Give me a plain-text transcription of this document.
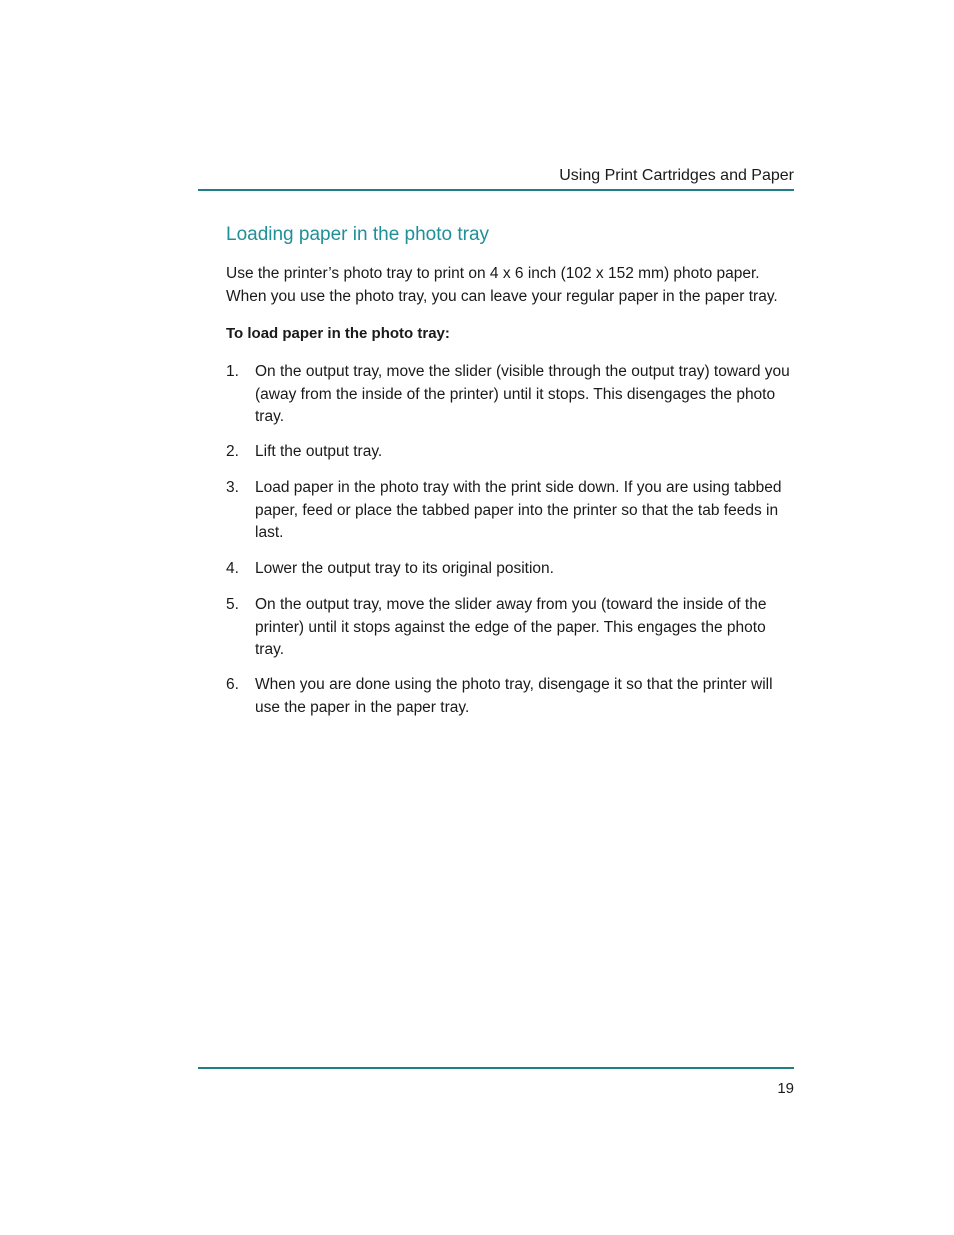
Using Print Cartridges and Paper
Loading paper in the photo tray

Use the printer’s photo tray to print on 4 x 6 inch (102 x 152 mm) photo paper. When you use the photo tray, you can leave your regular paper in the paper tray.

To load paper in the photo tray:

1.	On the output tray, move the slider (visible through the output tray) toward you (away from the inside of the printer) until it stops. This disengages the photo tray.
2.	Lift the output tray.
3.	Load paper in the photo tray with the print side down. If you are using tabbed paper, feed or place the tabbed paper into the printer so that the tab feeds in last.
4.	Lower the output tray to its original position.
5.	On the output tray, move the slider away from you (toward the inside of the printer) until it stops against the edge of the paper. This engages the photo tray.
6.	When you are done using the photo tray, disengage it so that the printer will use the paper in the paper tray.
19
